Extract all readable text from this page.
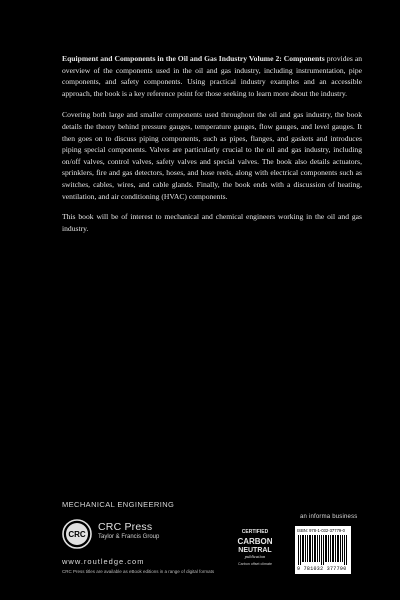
Equipment and Components in the Oil and Gas Industry Volume 2: Components provides an overview of the components used in the oil and gas industry, including instrumentation, pipe components, and safety components. Using practical industry examples and an accessible approach, the book is a key reference point for those seeking to learn more about the industry.

Covering both large and smaller components used throughout the oil and gas industry, the book details the theory behind pressure gauges, temperature gauges, flow gauges, and level gauges. It then goes on to discuss piping components, such as pipes, flanges, and gaskets and introduces piping special components. Valves are particularly crucial to the oil and gas industry, including on/off valves, control valves, safety valves and special valves. The book also details actuators, sprinklers, fire and gas detectors, hoses, and hose reels, along with electrical components such as switches, cables, wires, and cable glands. Finally, the book ends with a discussion of heating, ventilation, and air conditioning (HVAC) components.

This book will be of interest to mechanical and chemical engineers working in the oil and gas industry.

MECHANICAL ENGINEERING
CRC
CRC Press
Taylor & Francis Group
www.routledge.com
CRC Press titles are available as eBook editions in a range of digital formats
CERTIFIED
CARBON
NEUTRAL
publication
Carbon offset climate
an informa business
ISBN: 978-1-032-37779-0
9 781032 377790
